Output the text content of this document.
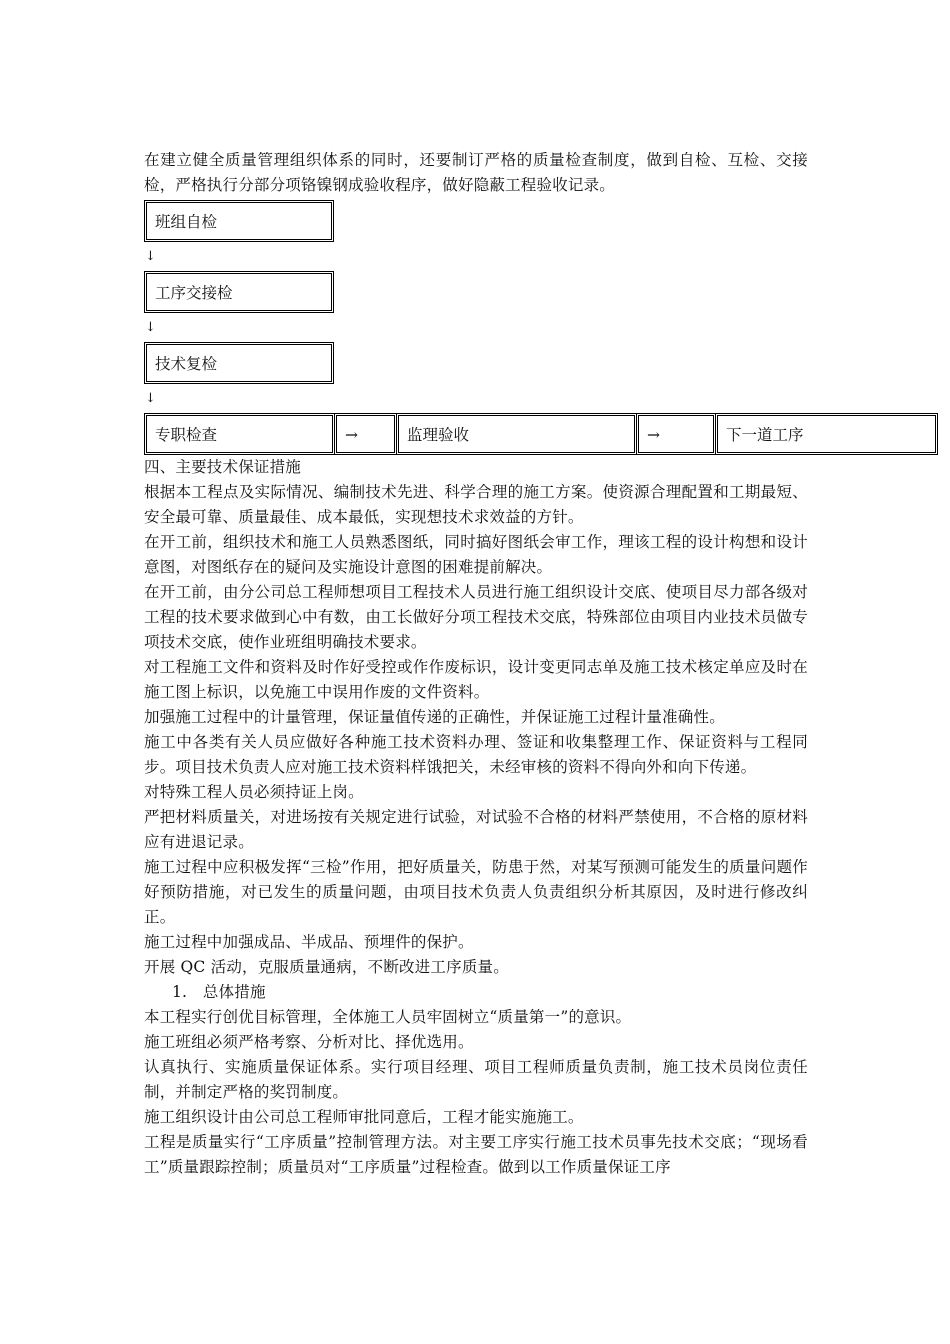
在建立健全质量管理组织体系的同时，还要制订严格的质量检查制度，做到自检、互检、交接检，严格执行分部分项铬镍钢成验收程序，做好隐蔽工程验收记录。

班组自检
↓
工序交接检
↓
技术复检
↓
专职检查	→	监理验收	→	下一道工序

四、主要技术保证措施

根据本工程点及实际情况、编制技术先进、科学合理的施工方案。使资源合理配置和工期最短、安全最可靠、质量最佳、成本最低，实现想技术求效益的方针。

在开工前，组织技术和施工人员熟悉图纸，同时搞好图纸会审工作，理该工程的设计构想和设计意图，对图纸存在的疑问及实施设计意图的困难提前解决。

在开工前，由分公司总工程师想项目工程技术人员进行施工组织设计交底、使项目尽力部各级对工程的技术要求做到心中有数，由工长做好分项工程技术交底，特殊部位由项目内业技术员做专项技术交底，使作业班组明确技术要求。

对工程施工文件和资料及时作好受控或作作废标识，设计变更同志单及施工技术核定单应及时在施工图上标识，以免施工中误用作废的文件资料。

加强施工过程中的计量管理，保证量值传递的正确性，并保证施工过程计量准确性。

施工中各类有关人员应做好各种施工技术资料办理、签证和收集整理工作、保证资料与工程同步。项目技术负责人应对施工技术资料样饿把关，未经审核的资料不得向外和向下传递。

对特殊工程人员必须持证上岗。

严把材料质量关，对进场按有关规定进行试验，对试验不合格的材料严禁使用，不合格的原材料应有进退记录。

施工过程中应积极发挥“三检”作用，把好质量关，防患于然，对某写预测可能发生的质量问题作好预防措施，对已发生的质量问题，由项目技术负责人负责组织分析其原因，及时进行修改纠正。

施工过程中加强成品、半成品、预埋件的保护。

开展 QC 活动，克服质量通病，不断改进工序质量。

1.　总体措施

本工程实行创优目标管理，全体施工人员牢固树立“质量第一”的意识。

施工班组必须严格考察、分析对比、择优选用。

认真执行、实施质量保证体系。实行项目经理、项目工程师质量负责制，施工技术员岗位责任制，并制定严格的奖罚制度。

施工组织设计由公司总工程师审批同意后，工程才能实施施工。

工程是质量实行“工序质量”控制管理方法。对主要工序实行施工技术员事先技术交底；“现场看工”质量跟踪控制；质量员对“工序质量”过程检查。做到以工作质量保证工序
